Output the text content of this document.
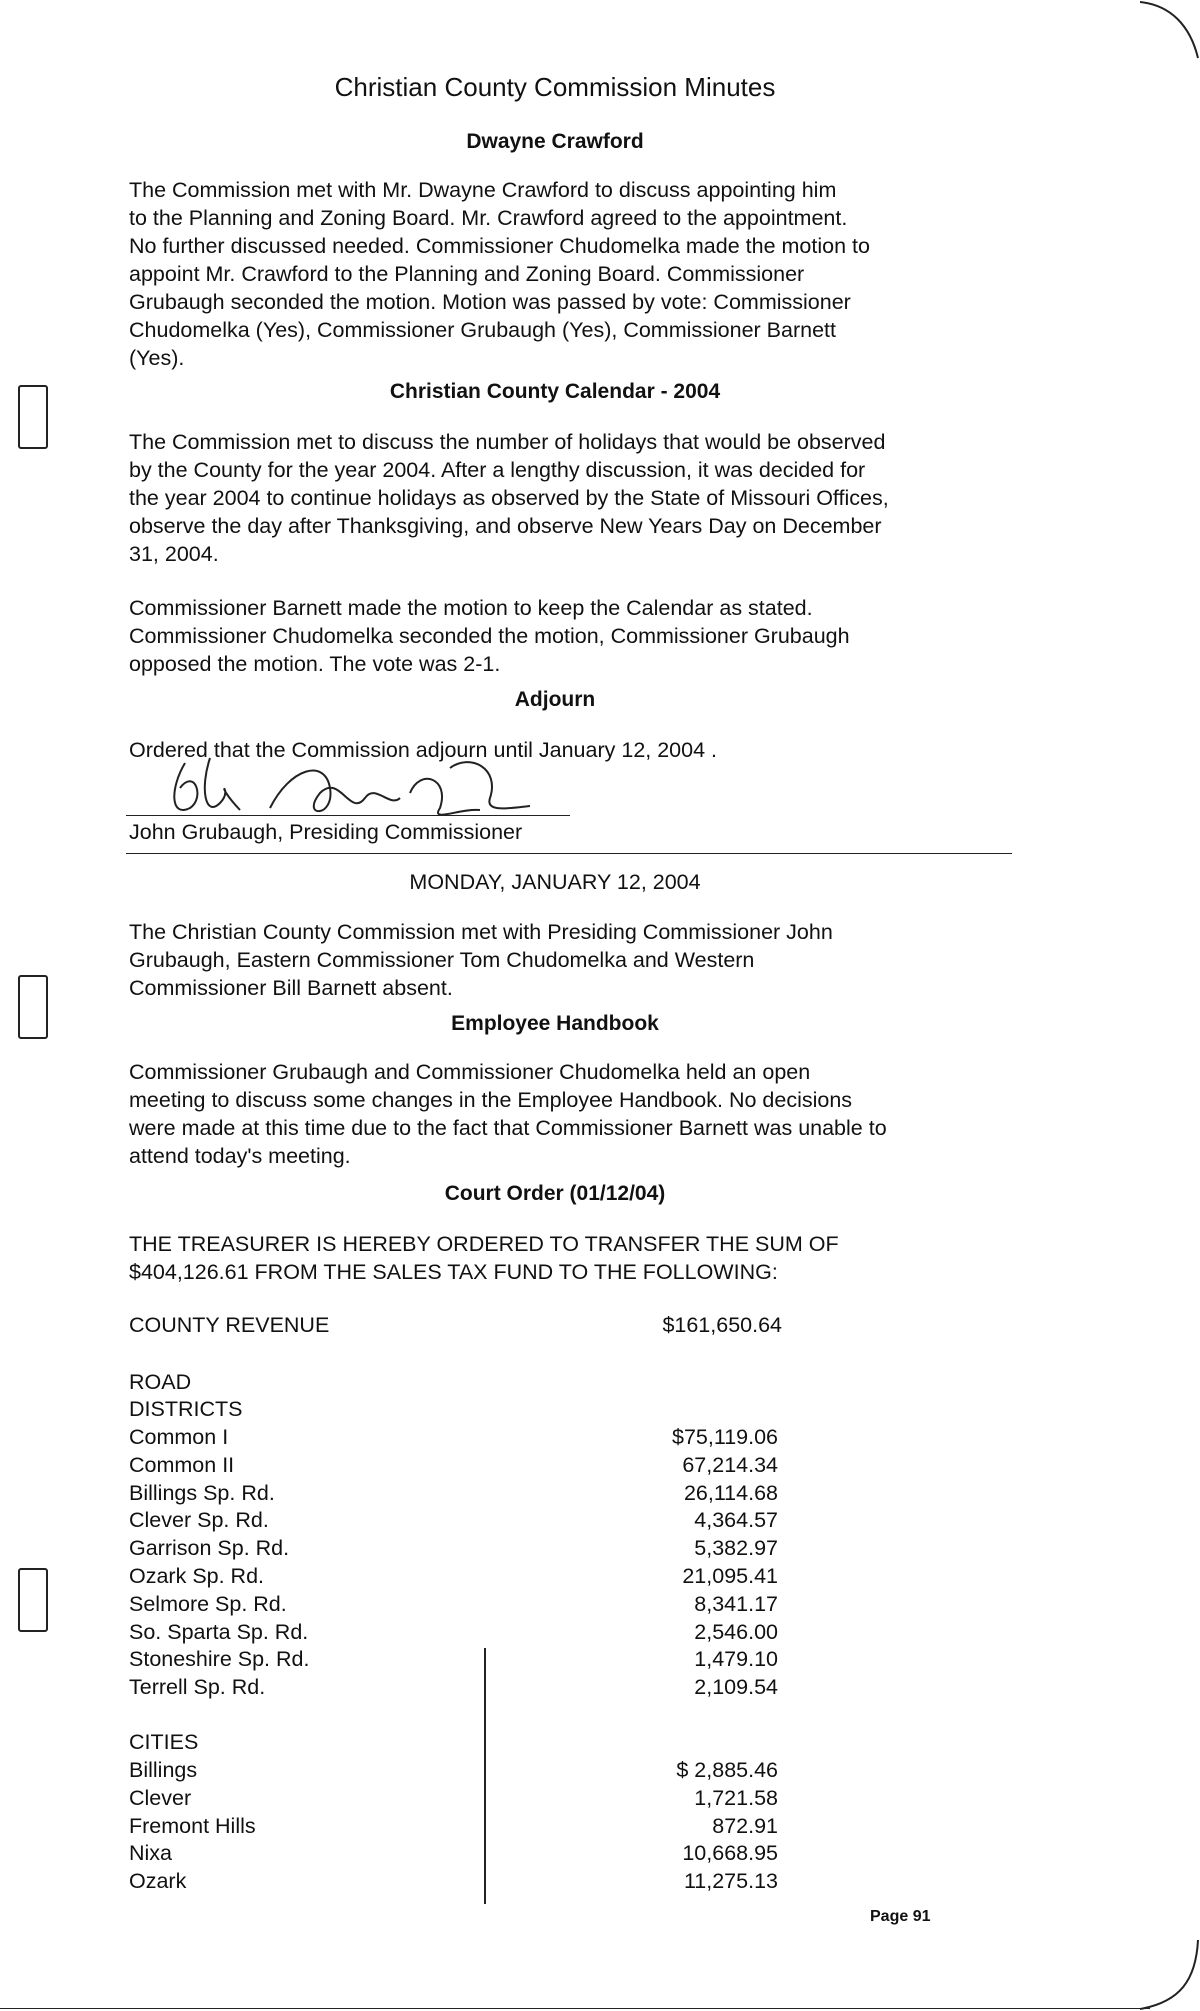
Christian County Commission Minutes
Dwayne Crawford
The Commission met with Mr. Dwayne Crawford to discuss appointing him
to the Planning and Zoning Board. Mr. Crawford agreed to the appointment.
No further discussed needed. Commissioner Chudomelka made the motion to
appoint Mr. Crawford to the Planning and Zoning Board. Commissioner
Grubaugh seconded the motion. Motion was passed by vote: Commissioner
Chudomelka (Yes), Commissioner Grubaugh (Yes), Commissioner Barnett
(Yes).
Christian County Calendar - 2004
The Commission met to discuss the number of holidays that would be observed
by the County for the year 2004. After a lengthy discussion, it was decided for
the year 2004 to continue holidays as observed by the State of Missouri Offices,
observe the day after Thanksgiving, and observe New Years Day on December
31, 2004.
Commissioner Barnett made the motion to keep the Calendar as stated.
Commissioner Chudomelka seconded the motion, Commissioner Grubaugh
opposed the motion. The vote was 2-1.
Adjourn
Ordered that the Commission adjourn until January 12, 2004 .
John Grubaugh, Presiding Commissioner
MONDAY, JANUARY 12, 2004
The Christian County Commission met with Presiding Commissioner John
Grubaugh, Eastern Commissioner Tom Chudomelka and Western
Commissioner Bill Barnett absent.
Employee Handbook
Commissioner Grubaugh and Commissioner Chudomelka held an open
meeting to discuss some changes in the Employee Handbook. No decisions
were made at this time due to the fact that Commissioner Barnett was unable to
attend today's meeting.
Court Order (01/12/04)
THE TREASURER IS HEREBY ORDERED TO TRANSFER THE SUM OF
$404,126.61 FROM THE SALES TAX FUND TO THE FOLLOWING:
COUNTY REVENUE	$161,650.64
ROAD
DISTRICTS
Common I	$75,119.06
Common II	67,214.34
Billings Sp. Rd.	26,114.68
Clever Sp. Rd.	4,364.57
Garrison Sp. Rd.	5,382.97
Ozark Sp. Rd.	21,095.41
Selmore Sp. Rd.	8,341.17
So. Sparta Sp. Rd.	2,546.00
Stoneshire Sp. Rd.	1,479.10
Terrell Sp. Rd.	2,109.54
CITIES
Billings	$ 2,885.46
Clever	1,721.58
Fremont Hills	872.91
Nixa	10,668.95
Ozark	11,275.13
Page 91
